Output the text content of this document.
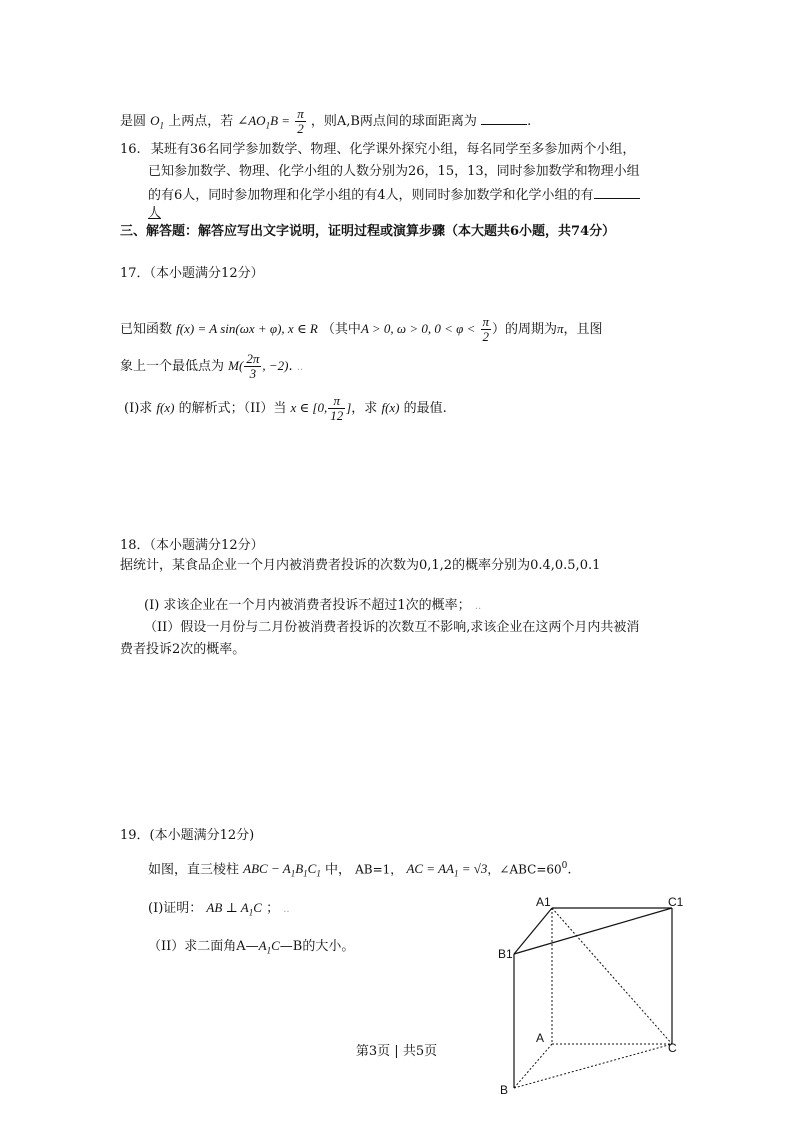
是圆 $O_1$ 上两点，若 $\angle AO_1B = \frac{\pi}{2}$ ，则A,B两点间的球面距离为	.
16. 某班有36名同学参加数学、物理、化学课外探究小组，每名同学至多参加两个小组，
已知参加数学、物理、化学小组的人数分别为26，15，13，同时参加数学和物理小组
的有6人，同时参加物理和化学小组的有4人，则同时参加数学和化学小组的有
人
三、解答题：解答应写出文字说明，证明过程或演算步骤（本大题共6小题，共74分）
17．（本小题满分12分）
已知函数 f(x) = A sin(ωx + φ), x ∈ R （其中A > 0, ω > 0, $0 < \varphi < \frac{\pi}{2}$ ）的周期为π，且图
象上一个最低点为 $M( \frac{2\pi}{3}$ , −2). ..
(I)求 f(x) 的解析式；（II）当 x ∈ [0, $\frac{\pi}{12}$ ]，求 f(x) 的最值.
18．（本小题满分12分）
据统计，某食品企业一个月内被消费者投诉的次数为0,1,2的概率分别为0.4,0.5,0.1
(I) 求该企业在一个月内被消费者投诉不超过1次的概率； ..
（II）假设一月份与二月份被消费者投诉的次数互不影响,求该企业在这两个月内共被消
费者投诉2次的概率。
19．(本小题满分12分)
如图，直三棱柱 ABC − $A_1B_1C_1$ 中， AB=1， AC = $AA_1 = √3$，$\angle ABC=60^0$.
(I)证明： AB ⊥ $A_1C$ ； ..
（II）求二面角$A—A_1C—B$的大小。
A1	C1
B1
A
C
B
第3页 | 共5页
